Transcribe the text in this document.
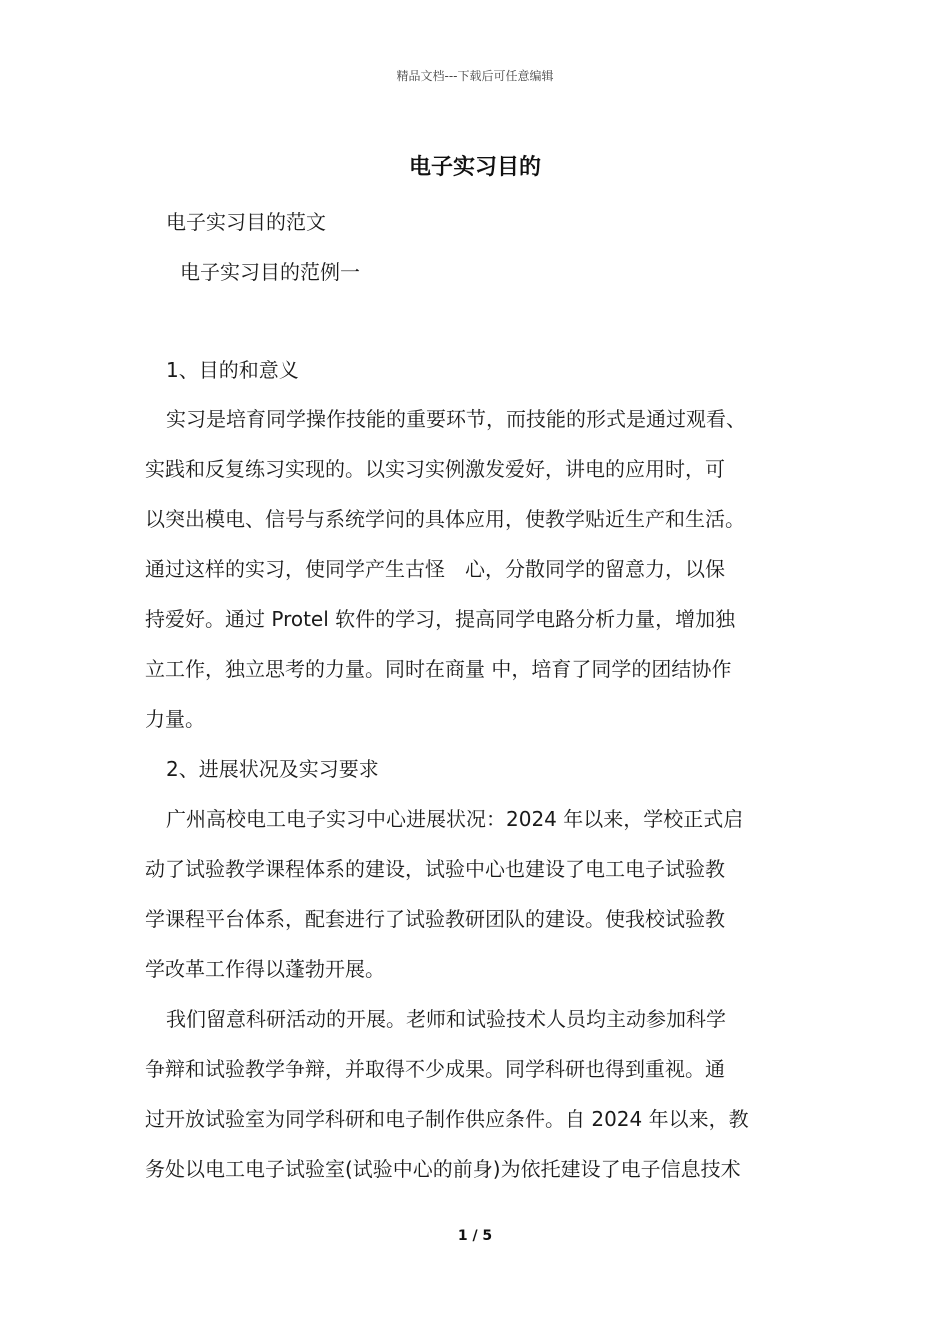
精品文档---下载后可任意编辑
电子实习目的
电子实习目的范文
电子实习目的范例一
1、目的和意义
实习是培育同学操作技能的重要环节，而技能的形式是通过观看、
实践和反复练习实现的。以实习实例激发爱好，讲电的应用时，可
以突出模电、信号与系统学问的具体应用，使教学贴近生产和生活。
通过这样的实习，使同学产生古怪　心，分散同学的留意力，以保
持爱好。通过 Protel 软件的学习，提高同学电路分析力量，增加独
立工作，独立思考的力量。同时在商量 中，培育了同学的团结协作
力量。
2、进展状况及实习要求
广州高校电工电子实习中心进展状况：2024 年以来，学校正式启
动了试验教学课程体系的建设，试验中心也建设了电工电子试验教
学课程平台体系，配套进行了试验教研团队的建设。使我校试验教
学改革工作得以蓬勃开展。
我们留意科研活动的开展。老师和试验技术人员均主动参加科学
争辩和试验教学争辩，并取得不少成果。同学科研也得到重视。通
过开放试验室为同学科研和电子制作供应条件。自 2024 年以来，教
务处以电工电子试验室(试验中心的前身)为依托建设了电子信息技术
1 / 5
